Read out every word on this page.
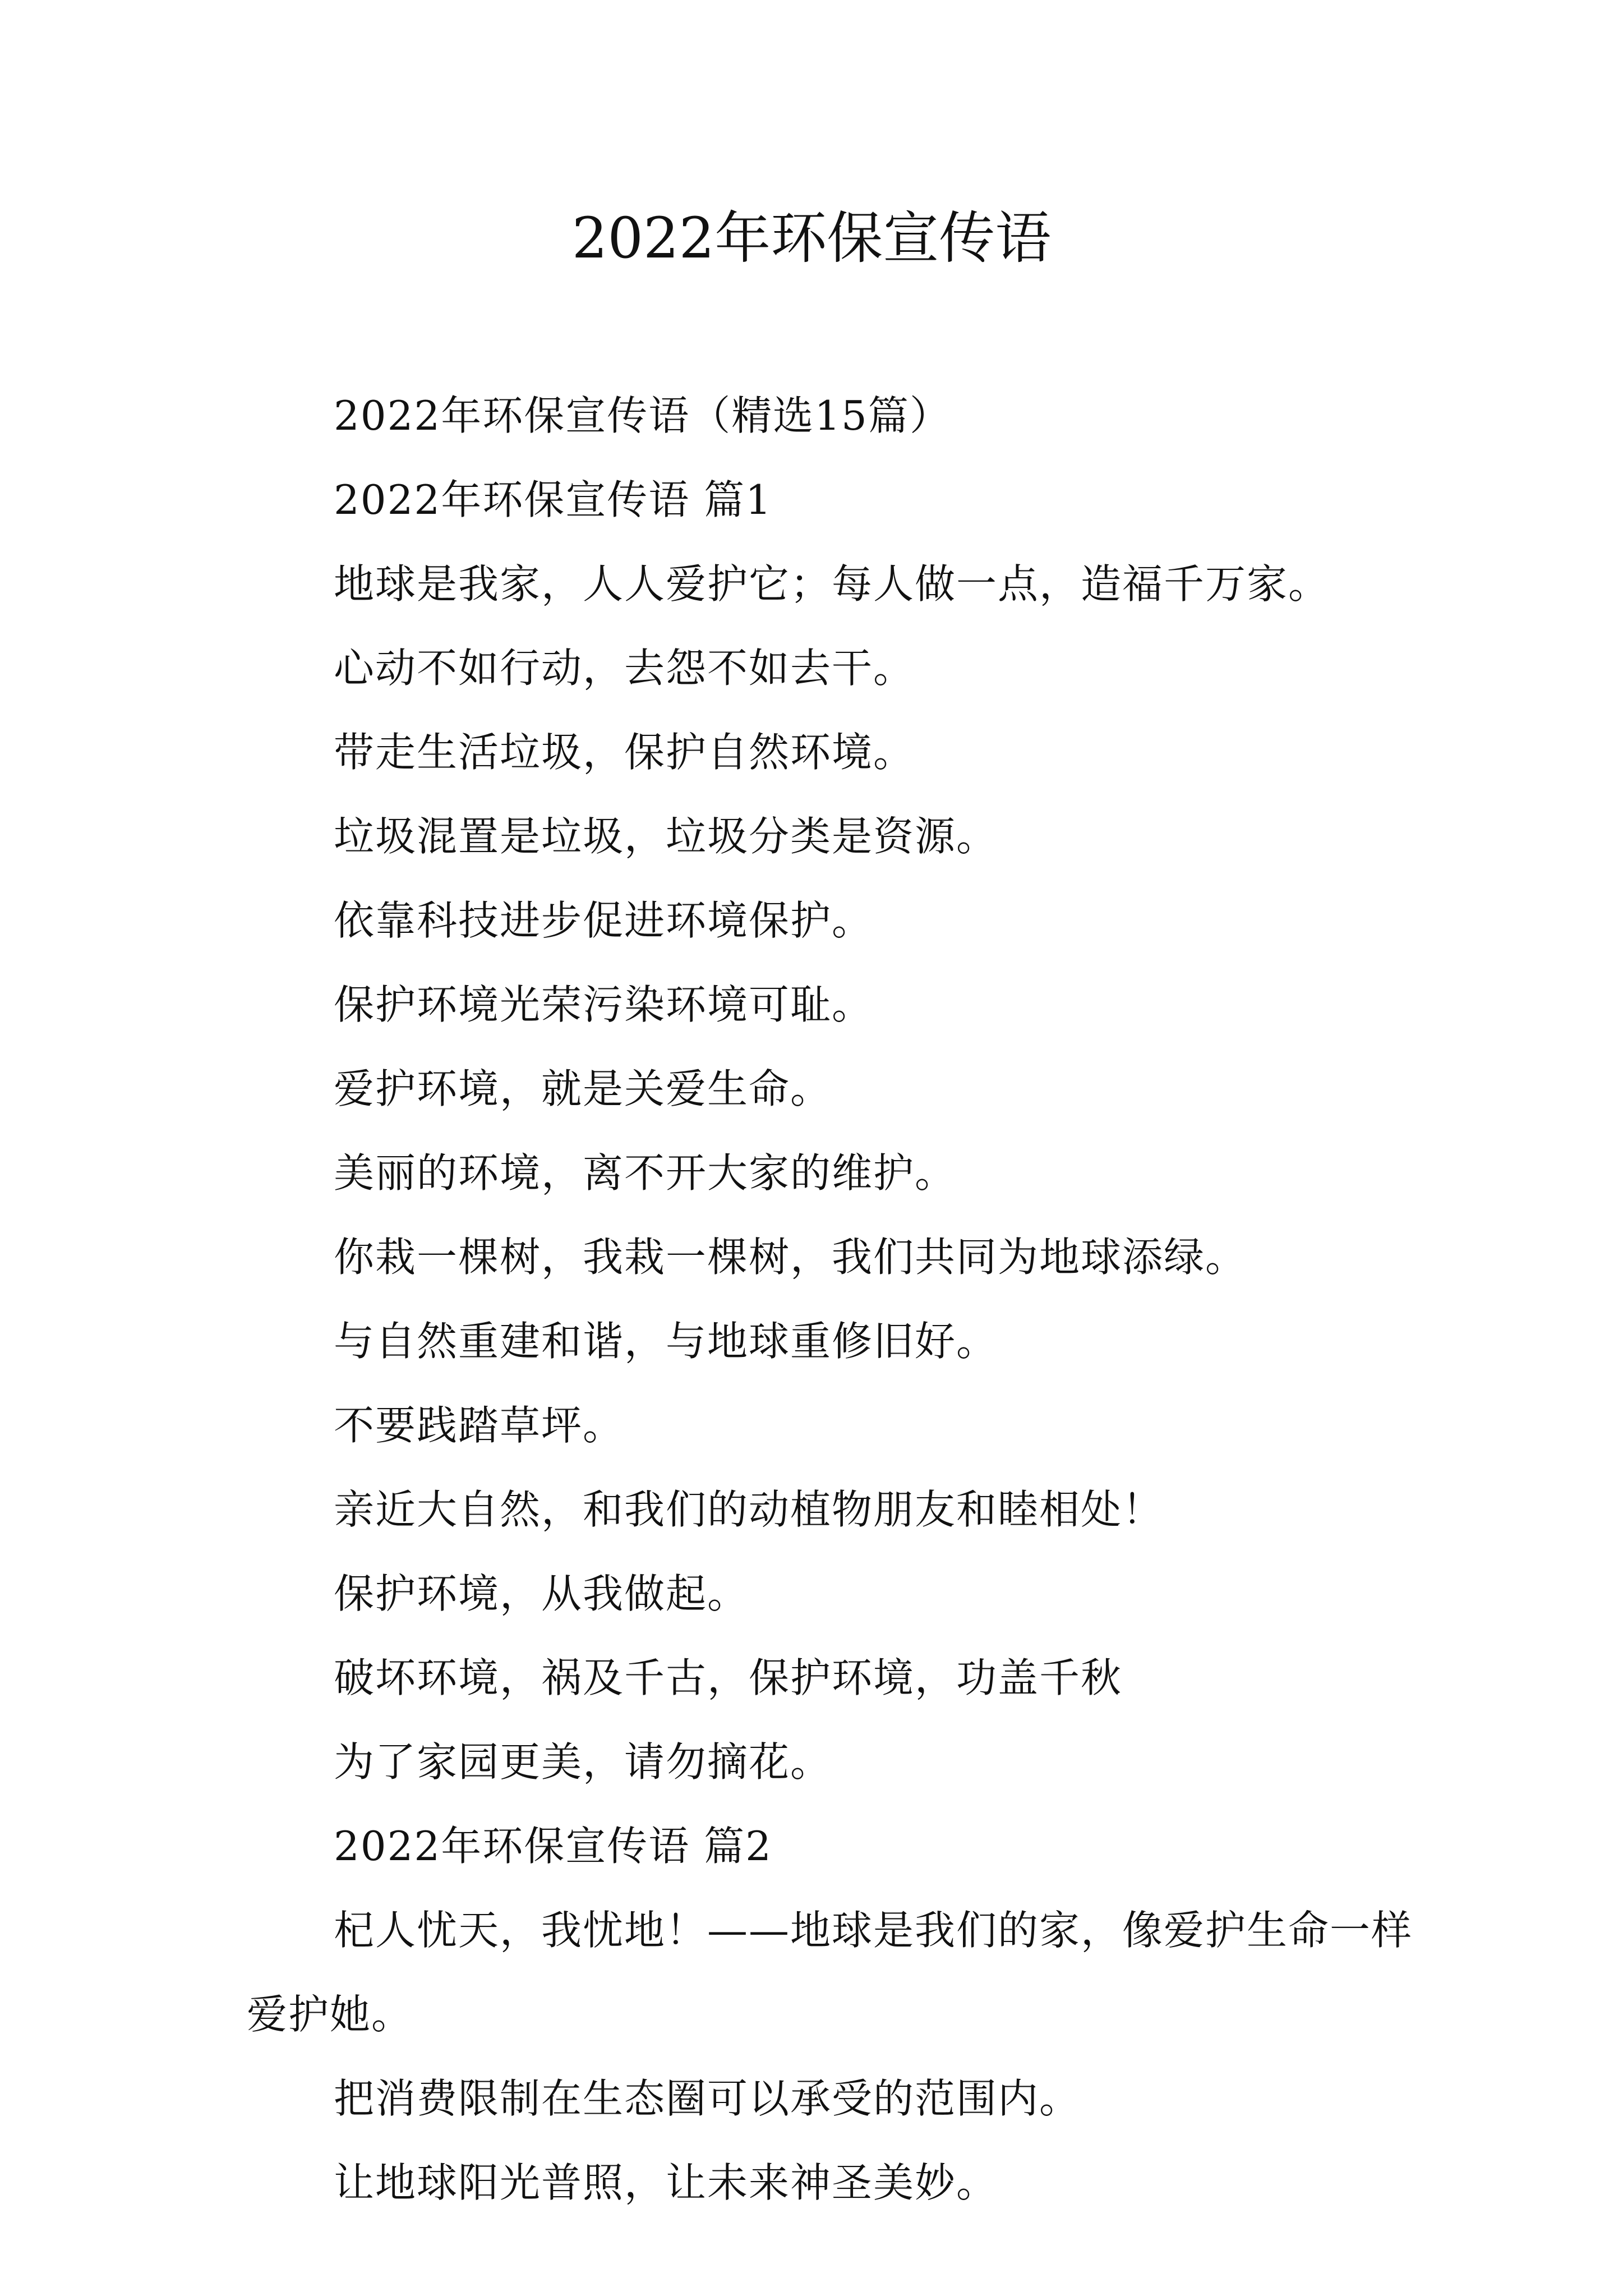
2022年环保宣传语

2022年环保宣传语（精选15篇）

2022年环保宣传语 篇1

地球是我家，人人爱护它；每人做一点，造福千万家。

心动不如行动，去怨不如去干。

带走生活垃圾，保护自然环境。

垃圾混置是垃圾，垃圾分类是资源。

依靠科技进步促进环境保护。

保护环境光荣污染环境可耻。

爱护环境，就是关爱生命。

美丽的环境，离不开大家的维护。

你栽一棵树，我栽一棵树，我们共同为地球添绿。

与自然重建和谐，与地球重修旧好。

不要践踏草坪。

亲近大自然，和我们的动植物朋友和睦相处！

保护环境，从我做起。

破坏环境，祸及千古，保护环境，功盖千秋

为了家园更美，请勿摘花。

2022年环保宣传语 篇2

杞人忧天，我忧地！——地球是我们的家，像爱护生命一样爱护她。

把消费限制在生态圈可以承受的范围内。

让地球阳光普照，让未来神圣美妙。
